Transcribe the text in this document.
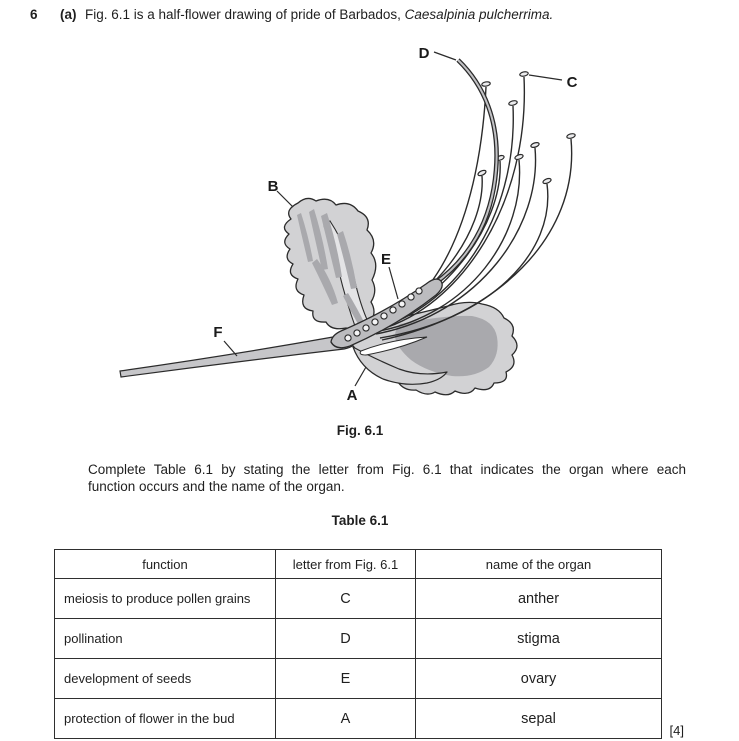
6 (a) Fig. 6.1 is a half-flower drawing of pride of Barbados, Caesalpinia pulcherrima.
D
C
B
E
F
A
Fig. 6.1
Complete Table 6.1 by stating the letter from Fig. 6.1 that indicates the organ where each
function occurs and the name of the organ.
Table 6.1
function	letter from Fig. 6.1	name of the organ
meiosis to produce pollen grains	C	anther
pollination	D	stigma
development of seeds	E	ovary
protection of flower in the bud	A	sepal
[4]
